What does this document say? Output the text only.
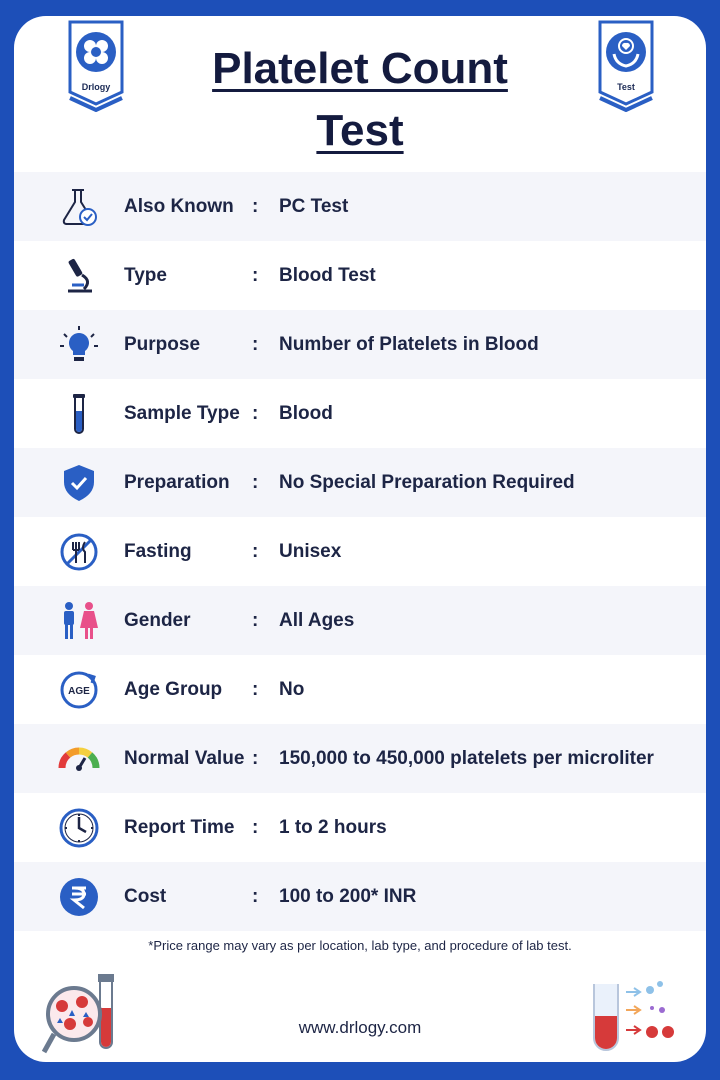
Drlogy	Test
Platelet Count Test
Also Known : PC Test
Type	: Blood Test
Purpose	: Number of Platelets in Blood
Sample Type : Blood
Preparation : No Special Preparation Required
Fasting	: Unisex
Gender	: All Ages
AGE Age Group : No
Normal Value : 150,000 to 450,000 platelets per microliter
Report Time : 1 to 2 hours
Cost	: 100 to 200* INR
*Price range may vary as per location, lab type, and procedure of lab test.
www.drlogy.com
